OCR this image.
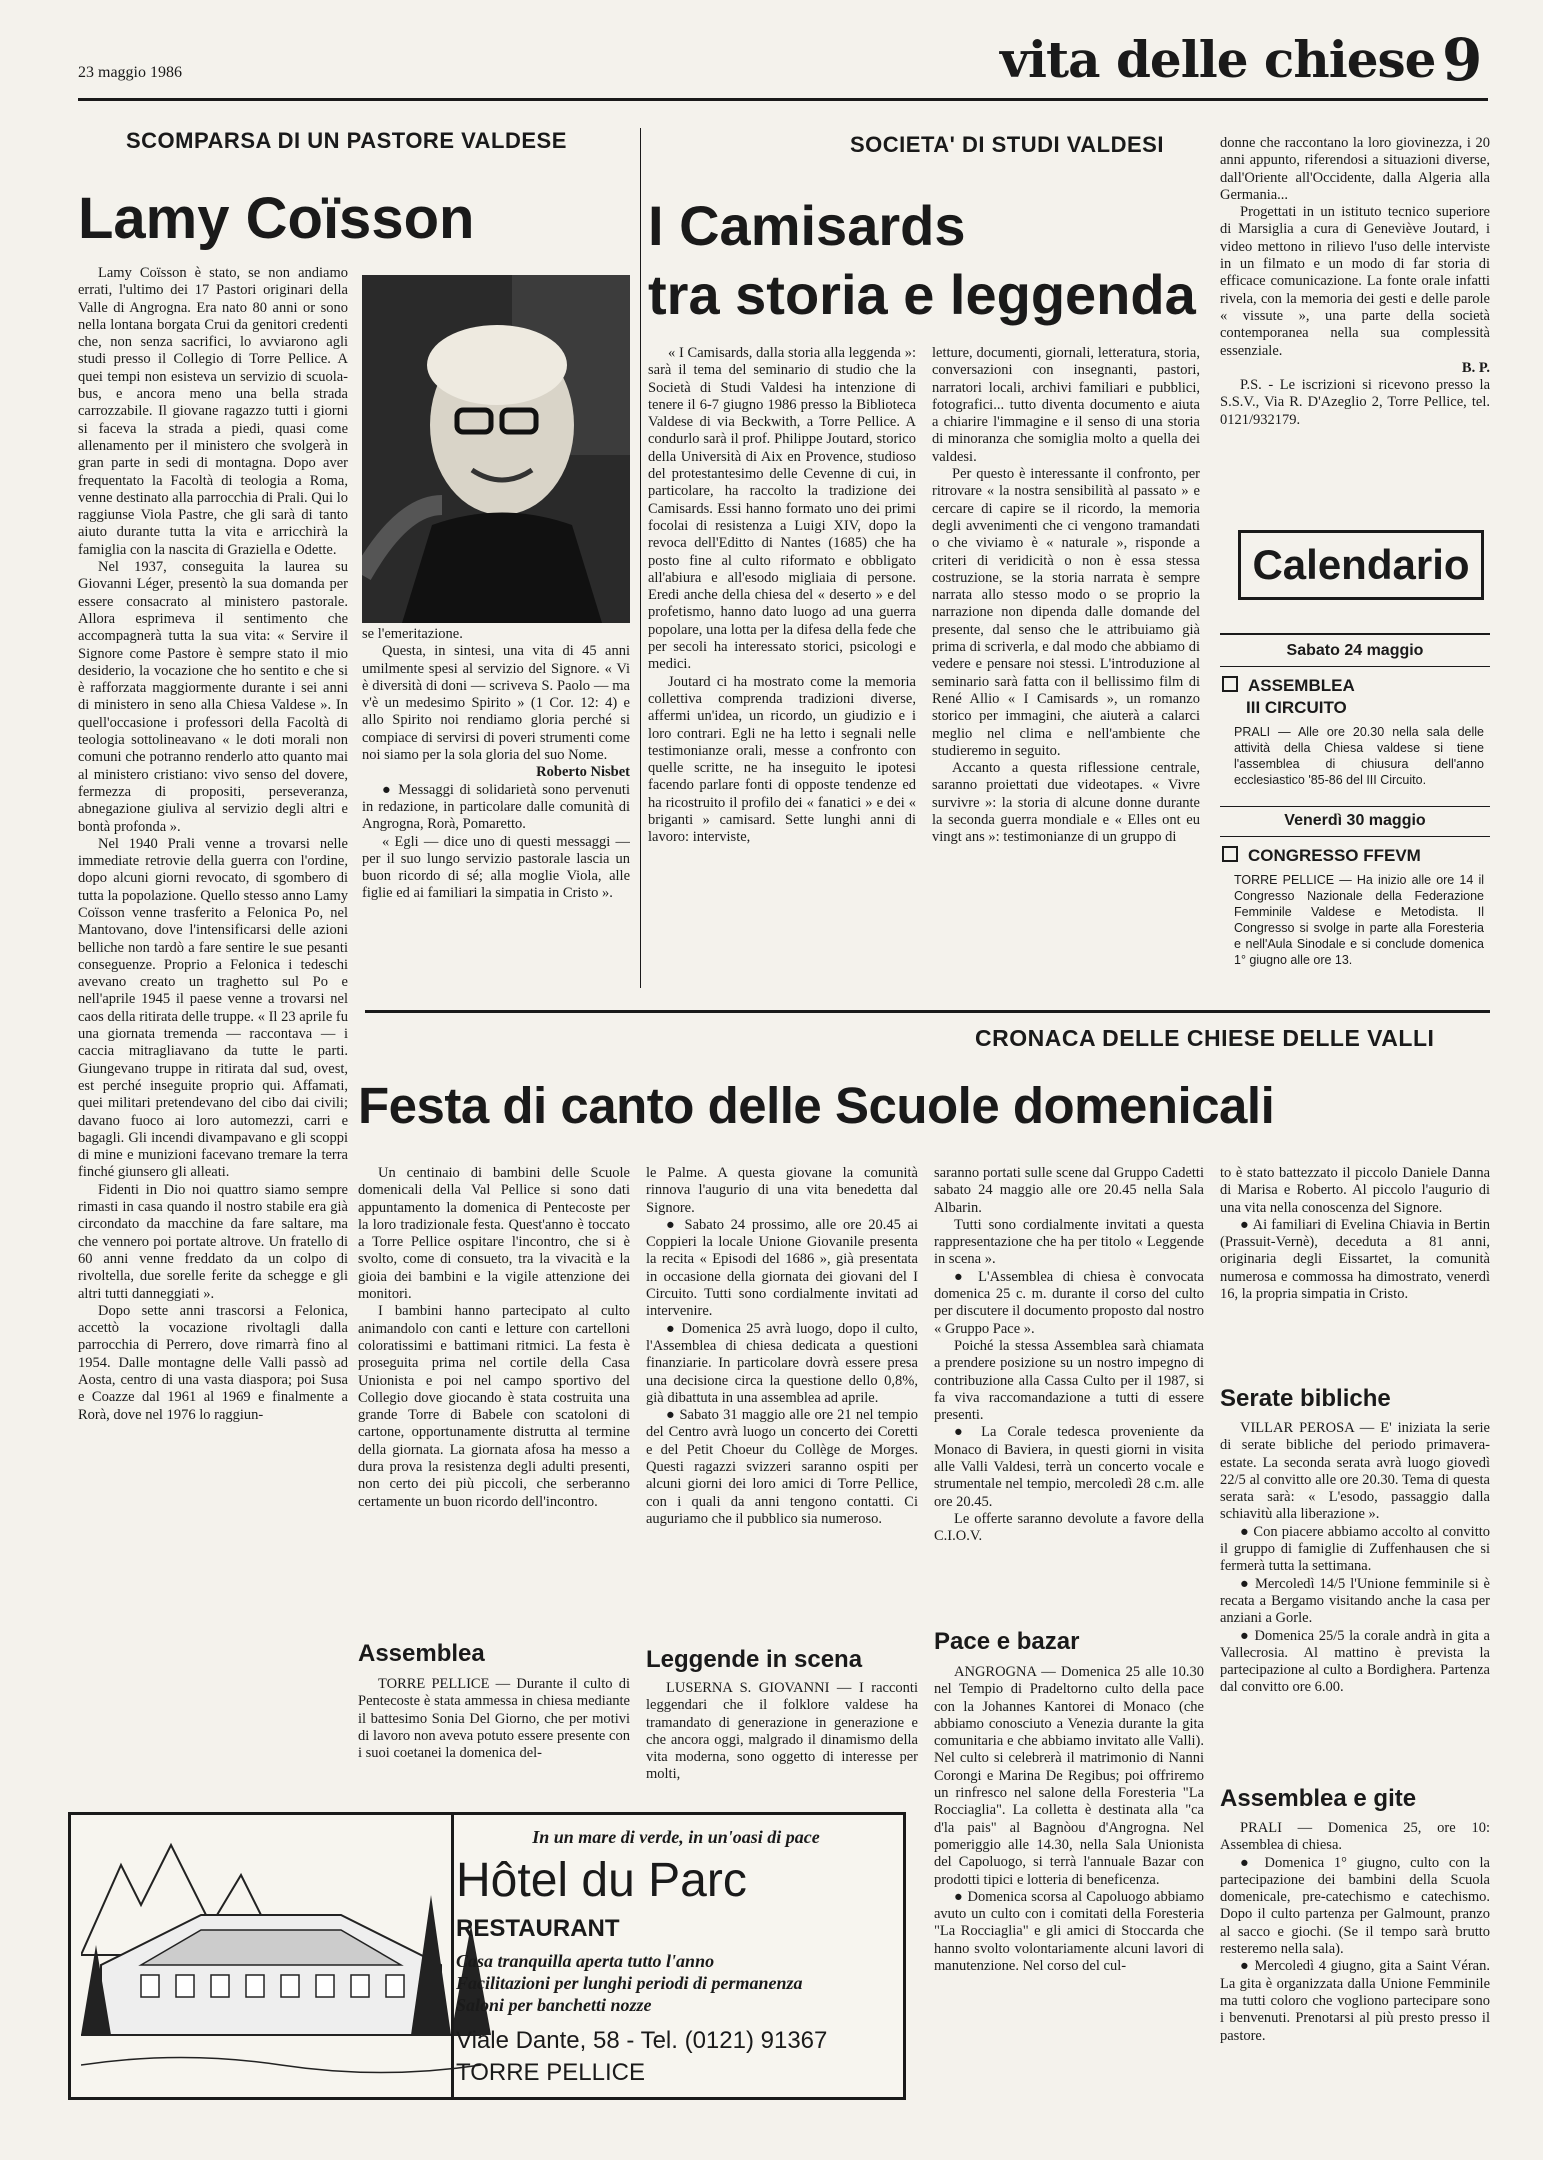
23 maggio 1986	vita delle chiese 9
SCOMPARSA DI UN PASTORE VALDESE
Lamy Coïsson

Lamy Coïsson è stato, se non andiamo errati, l'ultimo dei 17 Pastori originari della Valle di Angrogna. Era nato 80 anni or sono nella lontana borgata Crui da genitori credenti che, non senza sacrifici, lo avviarono agli studi presso il Collegio di Torre Pellice. A quei tempi non esisteva un servizio di scuola-bus, e ancora meno una bella strada carrozzabile. Il giovane ragazzo tutti i giorni si faceva la strada a piedi, quasi come allenamento per il ministero che svolgerà in gran parte in sedi di montagna. Dopo aver frequentato la Facoltà di teologia a Roma, venne destinato alla parrocchia di Prali. Qui lo raggiunse Viola Pastre, che gli sarà di tanto aiuto durante tutta la vita e arricchirà la famiglia con la nascita di Graziella e Odette.

Nel 1937, conseguita la laurea su Giovanni Léger, presentò la sua domanda per essere consacrato al ministero pastorale. Allora esprimeva il sentimento che accompagnerà tutta la sua vita: « Servire il Signore come Pastore è sempre stato il mio desiderio, la vocazione che ho sentito e che si è rafforzata maggiormente durante i sei anni di ministero in seno alla Chiesa Valdese ». In quell'occasione i professori della Facoltà di teologia sottolineavano « le doti morali non comuni che potranno renderlo atto quanto mai al ministero cristiano: vivo senso del dovere, fermezza di propositi, perseveranza, abnegazione giuliva al servizio degli altri e bontà profonda ».

Nel 1940 Prali venne a trovarsi nelle immediate retrovie della guerra con l'ordine, dopo alcuni giorni revocato, di sgombero di tutta la popolazione. Quello stesso anno Lamy Coïsson venne trasferito a Felonica Po, nel Mantovano, dove l'intensificarsi delle azioni belliche non tardò a fare sentire le sue pesanti conseguenze. Proprio a Felonica i tedeschi avevano creato un traghetto sul Po e nell'aprile 1945 il paese venne a trovarsi nel caos della ritirata delle truppe. « Il 23 aprile fu una giornata tremenda — raccontava — i caccia mitragliavano da tutte le parti. Giungevano truppe in ritirata dal sud, ovest, est perché inseguite proprio qui. Affamati, quei militari pretendevano del cibo dai civili; davano fuoco ai loro automezzi, carri e bagagli. Gli incendi divampavano e gli scoppi di mine e munizioni facevano tremare la terra finché giunsero gli alleati.

Fidenti in Dio noi quattro siamo sempre rimasti in casa quando il nostro stabile era già circondato da macchine da fare saltare, ma che vennero poi portate altrove. Un fratello di 60 anni venne freddato da un colpo di rivoltella, due sorelle ferite da schegge e gli altri tutti danneggiati ».

Dopo sette anni trascorsi a Felonica, accettò la vocazione rivoltagli dalla parrocchia di Perrero, dove rimarrà fino al 1954. Dalle montagne delle Valli passò ad Aosta, centro di una vasta diaspora; poi Susa e Coazze dal 1961 al 1969 e finalmente a Rorà, dove nel 1976 lo raggiun-

se l'emeritazione.

Questa, in sintesi, una vita di 45 anni umilmente spesi al servizio del Signore. « Vi è diversità di doni — scriveva S. Paolo — ma v'è un medesimo Spirito » (1 Cor. 12: 4) e allo Spirito noi rendiamo gloria perché si compiace di servirsi di poveri strumenti come noi siamo per la sola gloria del suo Nome.

Roberto Nisbet

● Messaggi di solidarietà sono pervenuti in redazione, in particolare dalle comunità di Angrogna, Rorà, Pomaretto.

« Egli — dice uno di questi messaggi — per il suo lungo servizio pastorale lascia un buon ricordo di sé; alla moglie Viola, alle figlie ed ai familiari la simpatia in Cristo ».

SOCIETA' DI STUDI VALDESI
I Camisards
tra storia e leggenda

« I Camisards, dalla storia alla leggenda »: sarà il tema del seminario di studio che la Società di Studi Valdesi ha intenzione di tenere il 6-7 giugno 1986 presso la Biblioteca Valdese di via Beckwith, a Torre Pellice. A condurlo sarà il prof. Philippe Joutard, storico della Università di Aix en Provence, studioso del protestantesimo delle Cevenne di cui, in particolare, ha raccolto la tradizione dei Camisards. Essi hanno formato uno dei primi focolai di resistenza a Luigi XIV, dopo la revoca dell'Editto di Nantes (1685) che ha posto fine al culto riformato e obbligato all'abiura e all'esodo migliaia di persone. Eredi anche della chiesa del « deserto » e del profetismo, hanno dato luogo ad una guerra popolare, una lotta per la difesa della fede che per secoli ha interessato storici, psicologi e medici.

Joutard ci ha mostrato come la memoria collettiva comprenda tradizioni diverse, affermi un'idea, un ricordo, un giudizio e i loro contrari. Egli ne ha letto i segnali nelle testimonianze orali, messe a confronto con quelle scritte, ne ha inseguito le ipotesi facendo parlare fonti di opposte tendenze ed ha ricostruito il profilo dei « fanatici » e dei « briganti » camisard. Sette lunghi anni di lavoro: interviste,

letture, documenti, giornali, letteratura, storia, conversazioni con insegnanti, pastori, narratori locali, archivi familiari e pubblici, fotografici... tutto diventa documento e aiuta a chiarire l'immagine e il senso di una storia di minoranza che somiglia molto a quella dei valdesi.

Per questo è interessante il confronto, per ritrovare « la nostra sensibilità al passato » e cercare di capire se il ricordo, la memoria degli avvenimenti che ci vengono tramandati o che viviamo è « naturale », risponde a criteri di veridicità o non è essa stessa costruzione, se la storia narrata è sempre narrata allo stesso modo o se proprio la narrazione non dipenda dalle domande del presente, dal senso che le attribuiamo già prima di scriverla, e dal modo che abbiamo di vedere e pensare noi stessi. L'introduzione al seminario sarà fatta con il bellissimo film di René Allio « I Camisards », un romanzo storico per immagini, che aiuterà a calarci meglio nel clima e nell'ambiente che studieremo in seguito.

Accanto a questa riflessione centrale, saranno proiettati due videotapes. « Vivre survivre »: la storia di alcune donne durante la seconda guerra mondiale e « Elles ont eu vingt ans »: testimonianze di un gruppo di

donne che raccontano la loro giovinezza, i 20 anni appunto, riferendosi a situazioni diverse, dall'Oriente all'Occidente, dalla Algeria alla Germania...

Progettati in un istituto tecnico superiore di Marsiglia a cura di Geneviève Joutard, i video mettono in rilievo l'uso delle interviste in un filmato e un modo di far storia di efficace comunicazione. La fonte orale infatti rivela, con la memoria dei gesti e delle parole « vissute », una parte della società contemporanea nella sua complessità essenziale.

B. P.

P.S. - Le iscrizioni si ricevono presso la S.S.V., Via R. D'Azeglio 2, Torre Pellice, tel. 0121/932179.

Calendario
Sabato 24 maggio
ASSEMBLEA
III CIRCUITO
PRALI — Alle ore 20.30 nella sala delle attività della Chiesa valdese si tiene l'assemblea di chiusura dell'anno ecclesiastico '85-86 del III Circuito.
Venerdì 30 maggio
CONGRESSO FFEVM
TORRE PELLICE — Ha inizio alle ore 14 il Congresso Nazionale della Federazione Femminile Valdese e Metodista. Il Congresso si svolge in parte alla Foresteria e nell'Aula Sinodale e si conclude domenica 1° giugno alle ore 13.
CRONACA DELLE CHIESE DELLE VALLI
Festa di canto delle Scuole domenicali

Un centinaio di bambini delle Scuole domenicali della Val Pellice si sono dati appuntamento la domenica di Pentecoste per la loro tradizionale festa. Quest'anno è toccato a Torre Pellice ospitare l'incontro, che si è svolto, come di consueto, tra la vivacità e la gioia dei bambini e la vigile attenzione dei monitori.

I bambini hanno partecipato al culto animandolo con canti e letture con cartelloni coloratissimi e battimani ritmici. La festa è proseguita prima nel cortile della Casa Unionista e poi nel campo sportivo del Collegio dove giocando è stata costruita una grande Torre di Babele con scatoloni di cartone, opportunamente distrutta al termine della giornata. La giornata afosa ha messo a dura prova la resistenza degli adulti presenti, non certo dei più piccoli, che serberanno certamente un buon ricordo dell'incontro.

Assemblea

TORRE PELLICE — Durante il culto di Pentecoste è stata ammessa in chiesa mediante il battesimo Sonia Del Giorno, che per motivi di lavoro non aveva potuto essere presente con i suoi coetanei la domenica del-

le Palme. A questa giovane la comunità rinnova l'augurio di una vita benedetta dal Signore.

● Sabato 24 prossimo, alle ore 20.45 ai Coppieri la locale Unione Giovanile presenta la recita « Episodi del 1686 », già presentata in occasione della giornata dei giovani del I Circuito. Tutti sono cordialmente invitati ad intervenire.

● Domenica 25 avrà luogo, dopo il culto, l'Assemblea di chiesa dedicata a questioni finanziarie. In particolare dovrà essere presa una decisione circa la questione dello 0,8%, già dibattuta in una assemblea ad aprile.

● Sabato 31 maggio alle ore 21 nel tempio del Centro avrà luogo un concerto dei Coretti e del Petit Choeur du Collège de Morges. Questi ragazzi svizzeri saranno ospiti per alcuni giorni dei loro amici di Torre Pellice, con i quali da anni tengono contatti. Ci auguriamo che il pubblico sia numeroso.

Leggende in scena

LUSERNA S. GIOVANNI — I racconti leggendari che il folklore valdese ha tramandato di generazione in generazione e che ancora oggi, malgrado il dinamismo della vita moderna, sono oggetto di interesse per molti,

saranno portati sulle scene dal Gruppo Cadetti sabato 24 maggio alle ore 20.45 nella Sala Albarin.

Tutti sono cordialmente invitati a questa rappresentazione che ha per titolo « Leggende in scena ».

● L'Assemblea di chiesa è convocata domenica 25 c. m. durante il corso del culto per discutere il documento proposto dal nostro « Gruppo Pace ».

Poiché la stessa Assemblea sarà chiamata a prendere posizione su un nostro impegno di contribuzione alla Cassa Culto per il 1987, si fa viva raccomandazione a tutti di essere presenti.

● La Corale tedesca proveniente da Monaco di Baviera, in questi giorni in visita alle Valli Valdesi, terrà un concerto vocale e strumentale nel tempio, mercoledì 28 c.m. alle ore 20.45.

Le offerte saranno devolute a favore della C.I.O.V.

Pace e bazar

ANGROGNA — Domenica 25 alle 10.30 nel Tempio di Pradeltorno culto della pace con la Johannes Kantorei di Monaco (che abbiamo conosciuto a Venezia durante la gita comunitaria e che abbiamo invitato alle Valli). Nel culto si celebrerà il matrimonio di Nanni Corongi e Marina De Regibus; poi offriremo un rinfresco nel salone della Foresteria "La Rocciaglia". La colletta è destinata alla "ca d'la pais" al Bagnòou d'Angrogna. Nel pomeriggio alle 14.30, nella Sala Unionista del Capoluogo, si terrà l'annuale Bazar con prodotti tipici e lotteria di beneficenza.

● Domenica scorsa al Capoluogo abbiamo avuto un culto con i comitati della Foresteria "La Rocciaglia" e gli amici di Stoccarda che hanno svolto volontariamente alcuni lavori di manutenzione. Nel corso del cul-

to è stato battezzato il piccolo Daniele Danna di Marisa e Roberto. Al piccolo l'augurio di una vita nella conoscenza del Signore.

● Ai familiari di Evelina Chiavia in Bertin (Prassuit-Vernè), deceduta a 81 anni, originaria degli Eissartet, la comunità numerosa e commossa ha dimostrato, venerdì 16, la propria simpatia in Cristo.

Serate bibliche

VILLAR PEROSA — E' iniziata la serie di serate bibliche del periodo primavera-estate. La seconda serata avrà luogo giovedì 22/5 al convitto alle ore 20.30. Tema di questa serata sarà: « L'esodo, passaggio dalla schiavitù alla liberazione ».

● Con piacere abbiamo accolto al convitto il gruppo di famiglie di Zuffenhausen che si fermerà tutta la settimana.

● Mercoledì 14/5 l'Unione femminile si è recata a Bergamo visitando anche la casa per anziani a Gorle.

● Domenica 25/5 la corale andrà in gita a Vallecrosia. Al mattino è prevista la partecipazione al culto a Bordighera. Partenza dal convitto ore 6.00.

Assemblea e gite

PRALI — Domenica 25, ore 10: Assemblea di chiesa.

● Domenica 1° giugno, culto con la partecipazione dei bambini della Scuola domenicale, pre-catechismo e catechismo. Dopo il culto partenza per Galmount, pranzo al sacco e giochi. (Se il tempo sarà brutto resteremo nella sala).

● Mercoledì 4 giugno, gita a Saint Véran. La gita è organizzata dalla Unione Femminile ma tutti coloro che vogliono partecipare sono i benvenuti. Prenotarsi al più presto presso il pastore.

In un mare di verde, in un'oasi di pace
Hôtel du Parc
RESTAURANT
Casa tranquilla aperta tutto l'anno
Facilitazioni per lunghi periodi di permanenza
Saloni per banchetti nozze
Viale Dante, 58 - Tel. (0121) 91367
TORRE PELLICE
